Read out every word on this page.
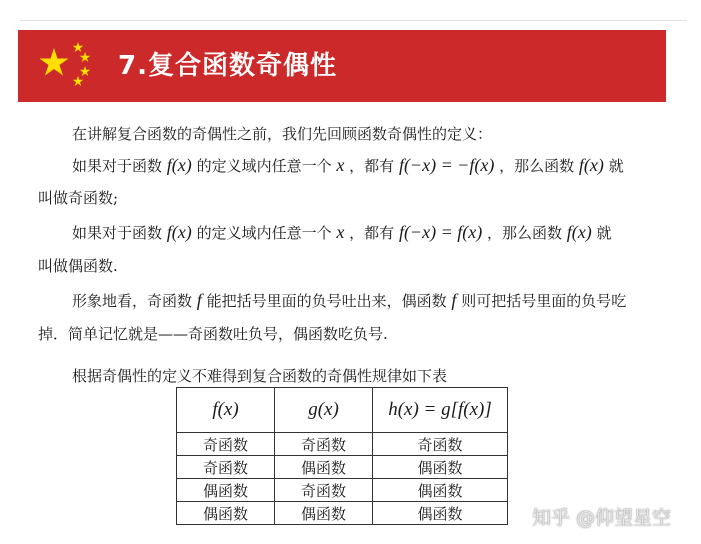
7.复合函数奇偶性
在讲解复合函数的奇偶性之前，我们先回顾函数奇偶性的定义：
如果对于函数 f(x) 的定义域内任意一个 x ，都有 f(−x) = −f(x) ，那么函数 f(x) 就
叫做奇函数;
如果对于函数 f(x) 的定义域内任意一个 x ，都有 f(−x) = f(x) ，那么函数 f(x) 就
叫做偶函数.
形象地看，奇函数 f 能把括号里面的负号吐出来，偶函数 f 则可把括号里面的负号吃
掉．简单记忆就是——奇函数吐负号，偶函数吃负号.
根据奇偶性的定义不难得到复合函数的奇偶性规律如下表
f(x)	g(x)	h(x) = g[f(x)]
奇函数	奇函数	奇函数
奇函数	偶函数	偶函数
偶函数	奇函数	偶函数
偶函数	偶函数	偶函数	知乎 @仰望星空
